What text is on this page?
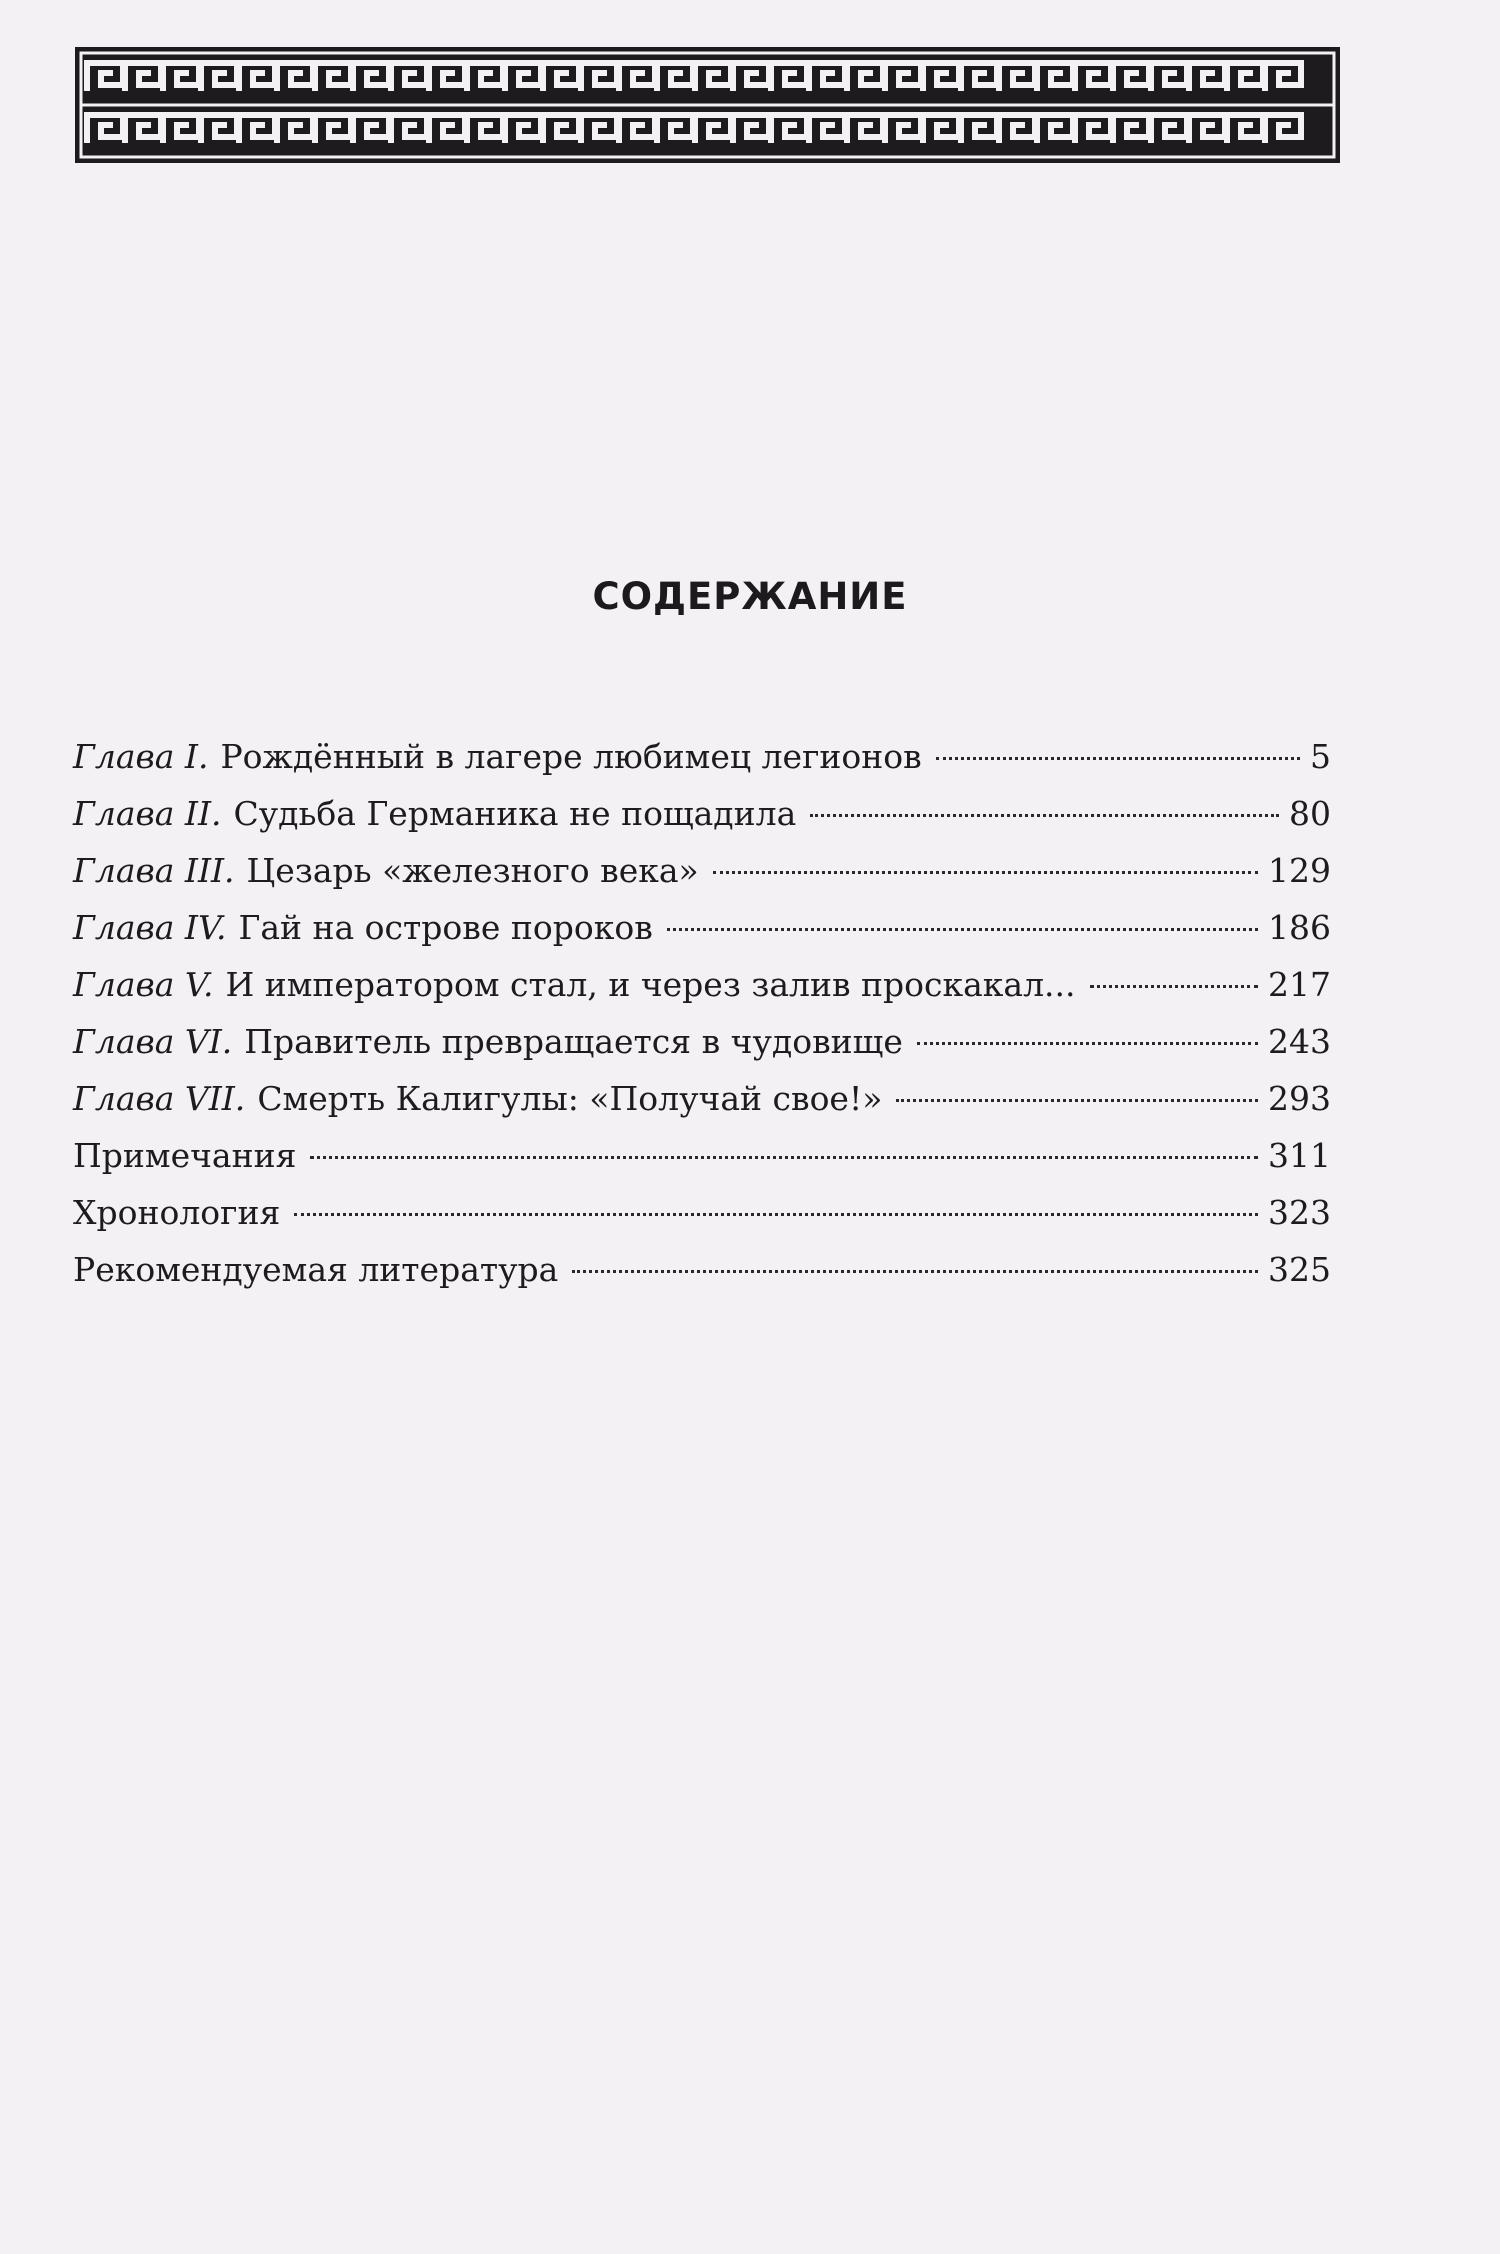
СОДЕРЖАНИЕ
Глава I. Рождённый в лагере любимец легионов	5
Глава II. Судьба Германика не пощадила	80
Глава III. Цезарь «железного века»	129
Глава IV. Гай на острове пороков	186
Глава V. И императором стал, и через залив проскакал...	217
Глава VI. Правитель превращается в чудовище	243
Глава VII. Смерть Калигулы: «Получай свое!»	293
Примечания	311
Хронология	323
Рекомендуемая литература	325
